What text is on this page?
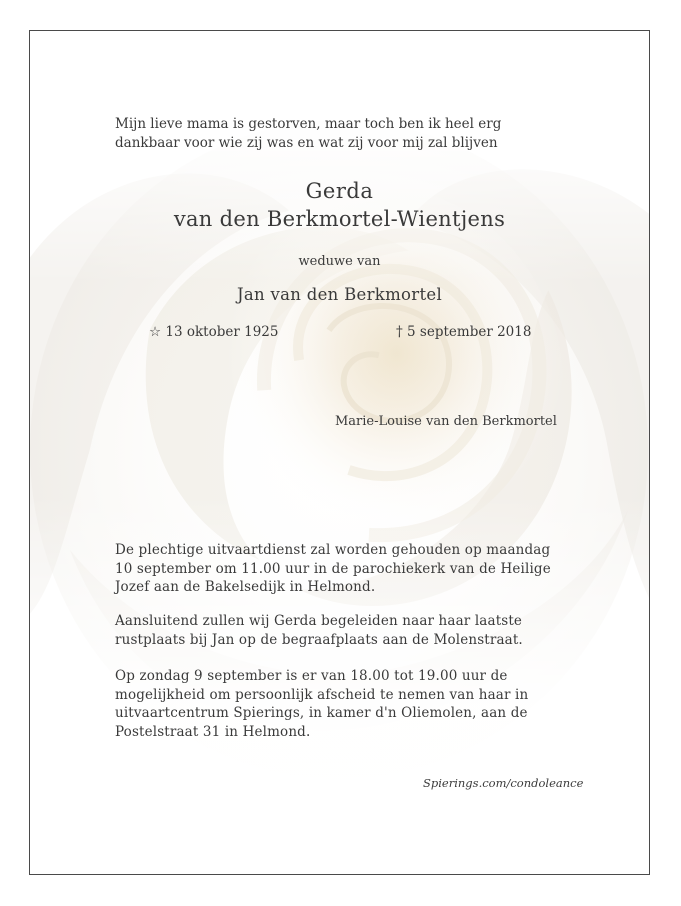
Mijn lieve mama is gestorven, maar toch ben ik heel erg
dankbaar voor wie zij was en wat zij voor mij zal blijven
Gerda
van den Berkmortel-Wientjens
weduwe van
Jan van den Berkmortel
☆ 13 oktober 1925	† 5 september 2018
Marie-Louise van den Berkmortel
De plechtige uitvaartdienst zal worden gehouden op maandag
10 september om 11.00 uur in de parochiekerk van de Heilige
Jozef aan de Bakelsedijk in Helmond.
Aansluitend zullen wij Gerda begeleiden naar haar laatste
rustplaats bij Jan op de begraafplaats aan de Molenstraat.
Op zondag 9 september is er van 18.00 tot 19.00 uur de
mogelijkheid om persoonlijk afscheid te nemen van haar in
uitvaartcentrum Spierings, in kamer d'n Oliemolen, aan de
Postelstraat 31 in Helmond.
Spierings.com/condoleance
